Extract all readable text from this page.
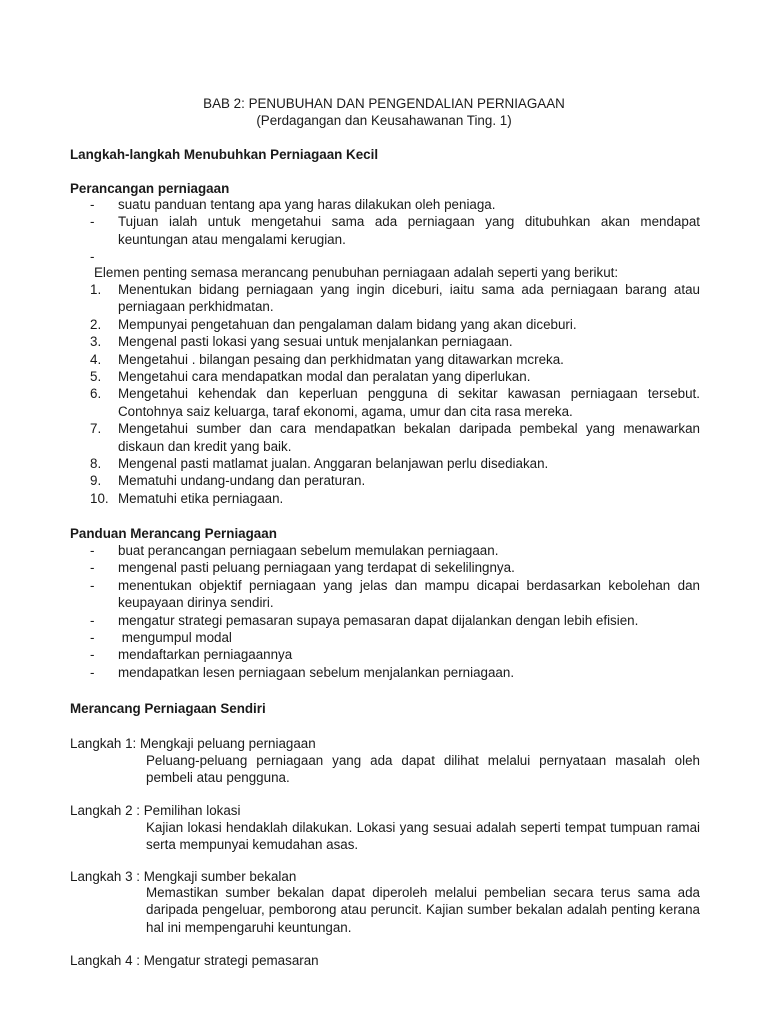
BAB 2: PENUBUHAN DAN PENGENDALIAN PERNIAGAAN
(Perdagangan dan Keusahawanan Ting. 1)
Langkah-langkah Menubuhkan Perniagaan Kecil
Perancangan perniagaan
- suatu panduan tentang apa yang haras dilakukan oleh peniaga.
- Tujuan ialah untuk mengetahui sama ada perniagaan yang ditubuhkan akan mendapat keuntungan atau mengalami kerugian.
-
Elemen penting semasa merancang penubuhan perniagaan adalah seperti yang berikut:
1. Menentukan bidang perniagaan yang ingin diceburi, iaitu sama ada perniagaan barang atau perniagaan perkhidmatan.
2. Mempunyai pengetahuan dan pengalaman dalam bidang yang akan diceburi.
3. Mengenal pasti lokasi yang sesuai untuk menjalankan perniagaan.
4. Mengetahui . bilangan pesaing dan perkhidmatan yang ditawarkan mcreka.
5. Mengetahui cara mendapatkan modal dan peralatan yang diperlukan.
6. Mengetahui kehendak dan keperluan pengguna di sekitar kawasan perniagaan tersebut. Contohnya saiz keluarga, taraf ekonomi, agama, umur dan cita rasa mereka.
7. Mengetahui sumber dan cara mendapatkan bekalan daripada pembekal yang menawarkan diskaun dan kredit yang baik.
8. Mengenal pasti matlamat jualan. Anggaran belanjawan perlu disediakan.
9. Mematuhi undang-undang dan peraturan.
10. Mematuhi etika perniagaan.
Panduan Merancang Perniagaan
- buat perancangan perniagaan sebelum memulakan perniagaan.
- mengenal pasti peluang perniagaan yang terdapat di sekelilingnya.
- menentukan objektif perniagaan yang jelas dan mampu dicapai berdasarkan kebolehan dan keupayaan dirinya sendiri.
- mengatur strategi pemasaran supaya pemasaran dapat dijalankan dengan lebih efisien.
- mengumpul modal
- mendaftarkan perniagaannya
- mendapatkan lesen perniagaan sebelum menjalankan perniagaan.
Merancang Perniagaan Sendiri
Langkah 1: Mengkaji peluang perniagaan
Peluang-peluang perniagaan yang ada dapat dilihat melalui pernyataan masalah oleh pembeli atau pengguna.
Langkah 2 : Pemilihan lokasi
Kajian lokasi hendaklah dilakukan. Lokasi yang sesuai adalah seperti tempat tumpuan ramai serta mempunyai kemudahan asas.
Langkah 3 : Mengkaji sumber bekalan
Memastikan sumber bekalan dapat diperoleh melalui pembelian secara terus sama ada daripada pengeluar, pemborong atau peruncit. Kajian sumber bekalan adalah penting kerana hal ini mempengaruhi keuntungan.
Langkah 4 : Mengatur strategi pemasaran
